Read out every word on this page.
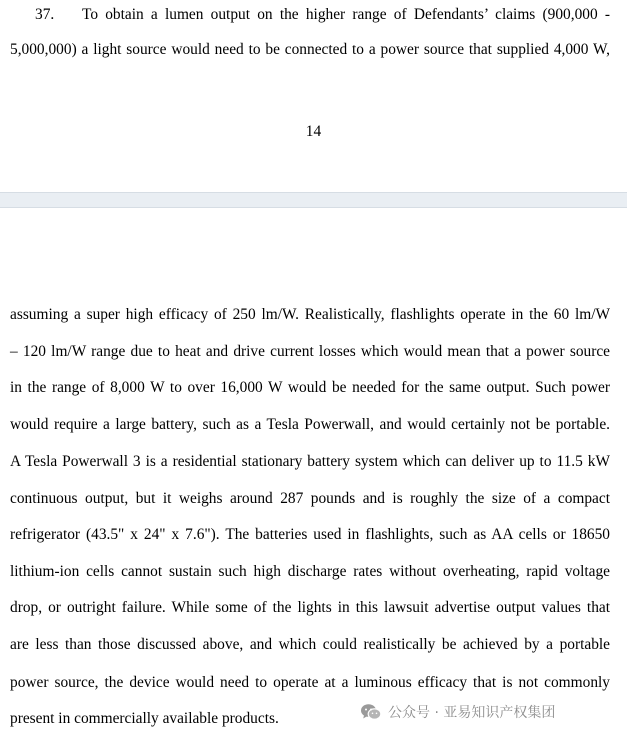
37. To obtain a lumen output on the higher range of Defendants’ claims (900,000 -
5,000,000) a light source would need to be connected to a power source that supplied 4,000 W,
14
assuming a super high efficacy of 250 lm/W. Realistically, flashlights operate in the 60 lm/W
– 120 lm/W range due to heat and drive current losses which would mean that a power source
in the range of 8,000 W to over 16,000 W would be needed for the same output. Such power
would require a large battery, such as a Tesla Powerwall, and would certainly not be portable.
A Tesla Powerwall 3 is a residential stationary battery system which can deliver up to 11.5 kW
continuous output, but it weighs around 287 pounds and is roughly the size of a compact
refrigerator (43.5" x 24" x 7.6"). The batteries used in flashlights, such as AA cells or 18650
lithium-ion cells cannot sustain such high discharge rates without overheating, rapid voltage
drop, or outright failure. While some of the lights in this lawsuit advertise output values that
are less than those discussed above, and which could realistically be achieved by a portable
power source, the device would need to operate at a luminous efficacy that is not commonly
present in commercially available products.	公众号 · 亚易知识产权集团
